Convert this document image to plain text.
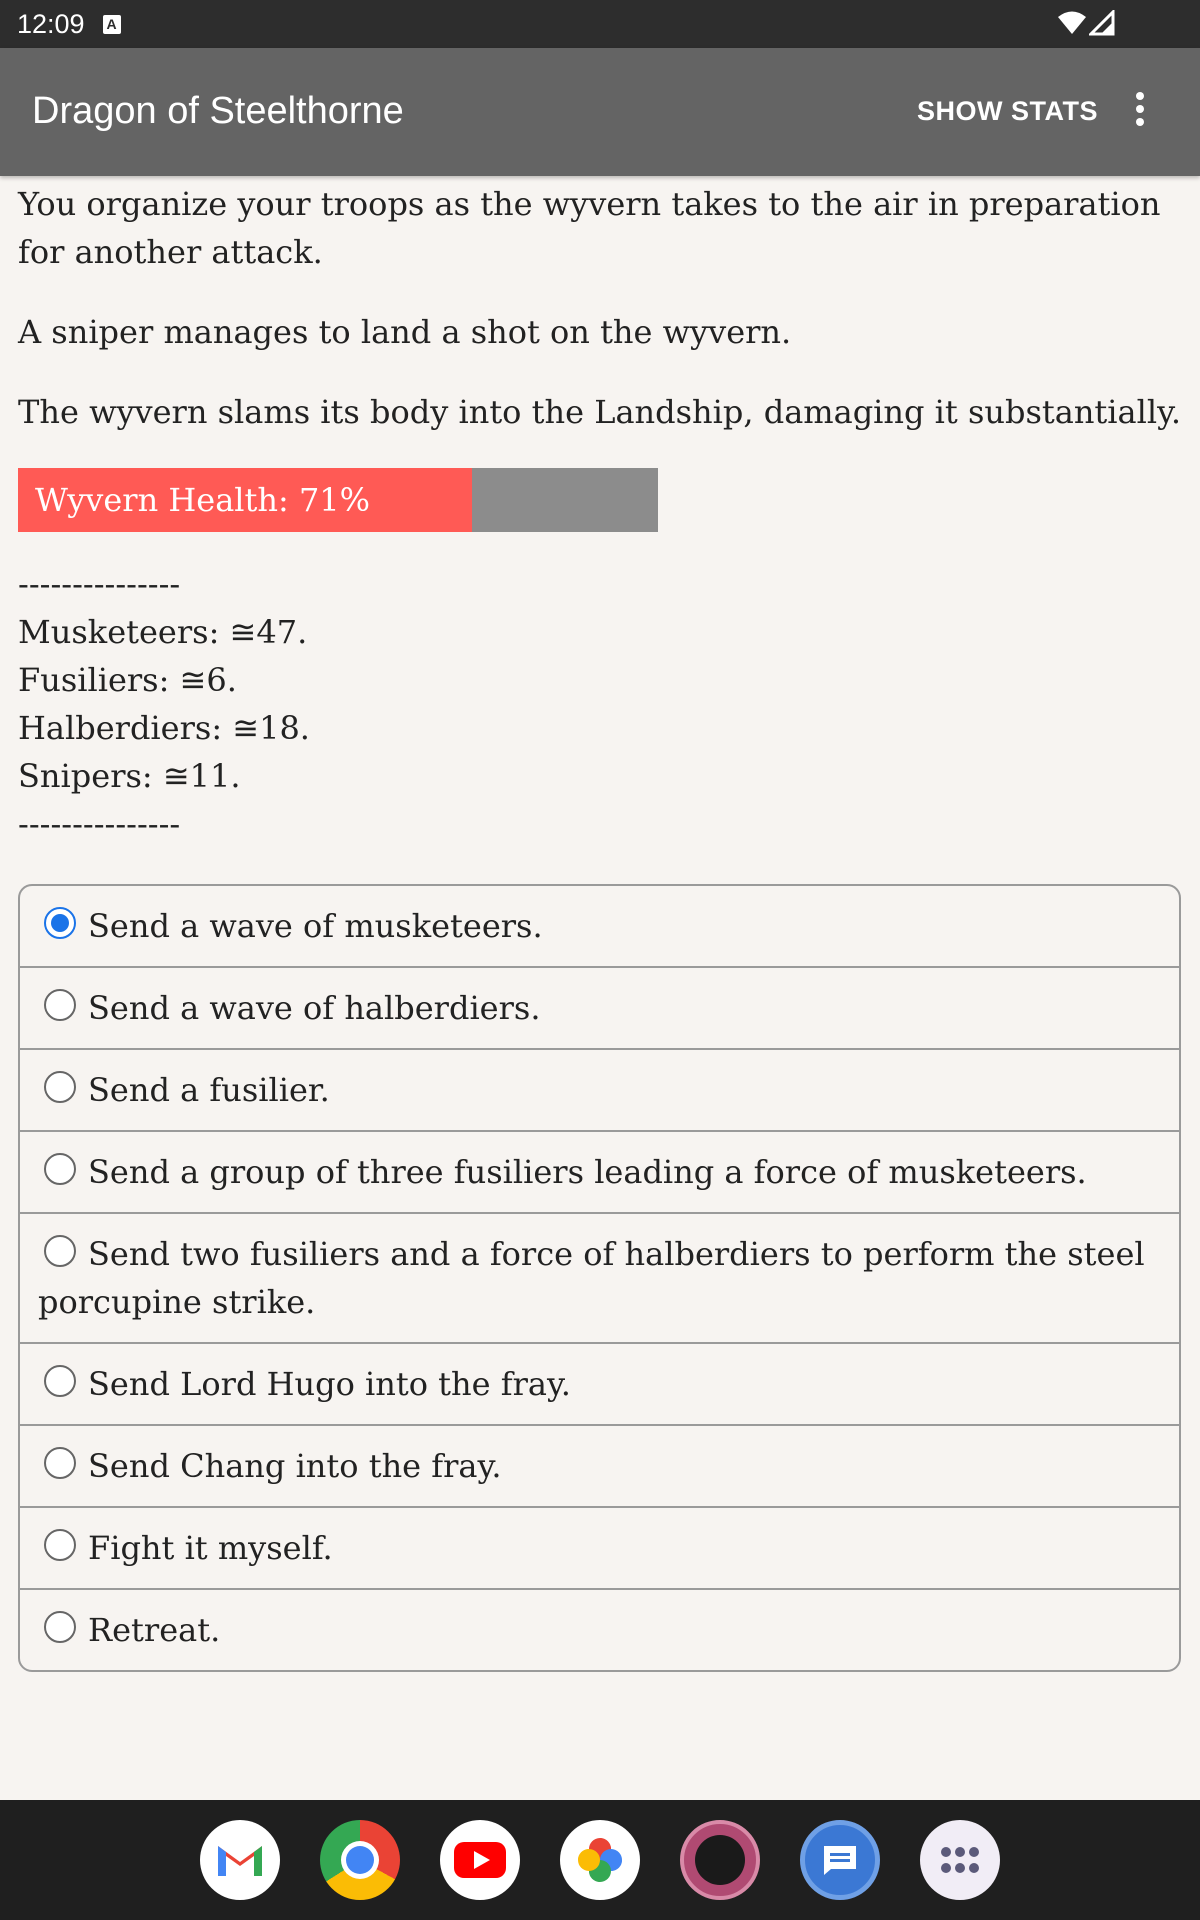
12:09 A
Dragon of Steelthorne	SHOW STATS

You organize your troops as the wyvern takes to the air in preparation for another attack.

A sniper manages to land a shot on the wyvern.

The wyvern slams its body into the Landship, damaging it substantially.

Wyvern Health: 71%
---------------
Musketeers: ≅47.
Fusiliers: ≅6.
Halberdiers: ≅18.
Snipers: ≅11.
---------------
Send a wave of musketeers.
Send a wave of halberdiers.
Send a fusilier.
Send a group of three fusiliers leading a force of musketeers.
Send two fusiliers and a force of halberdiers to perform the steel porcupine strike.
Send Lord Hugo into the fray.
Send Chang into the fray.
Fight it myself.
Retreat.
